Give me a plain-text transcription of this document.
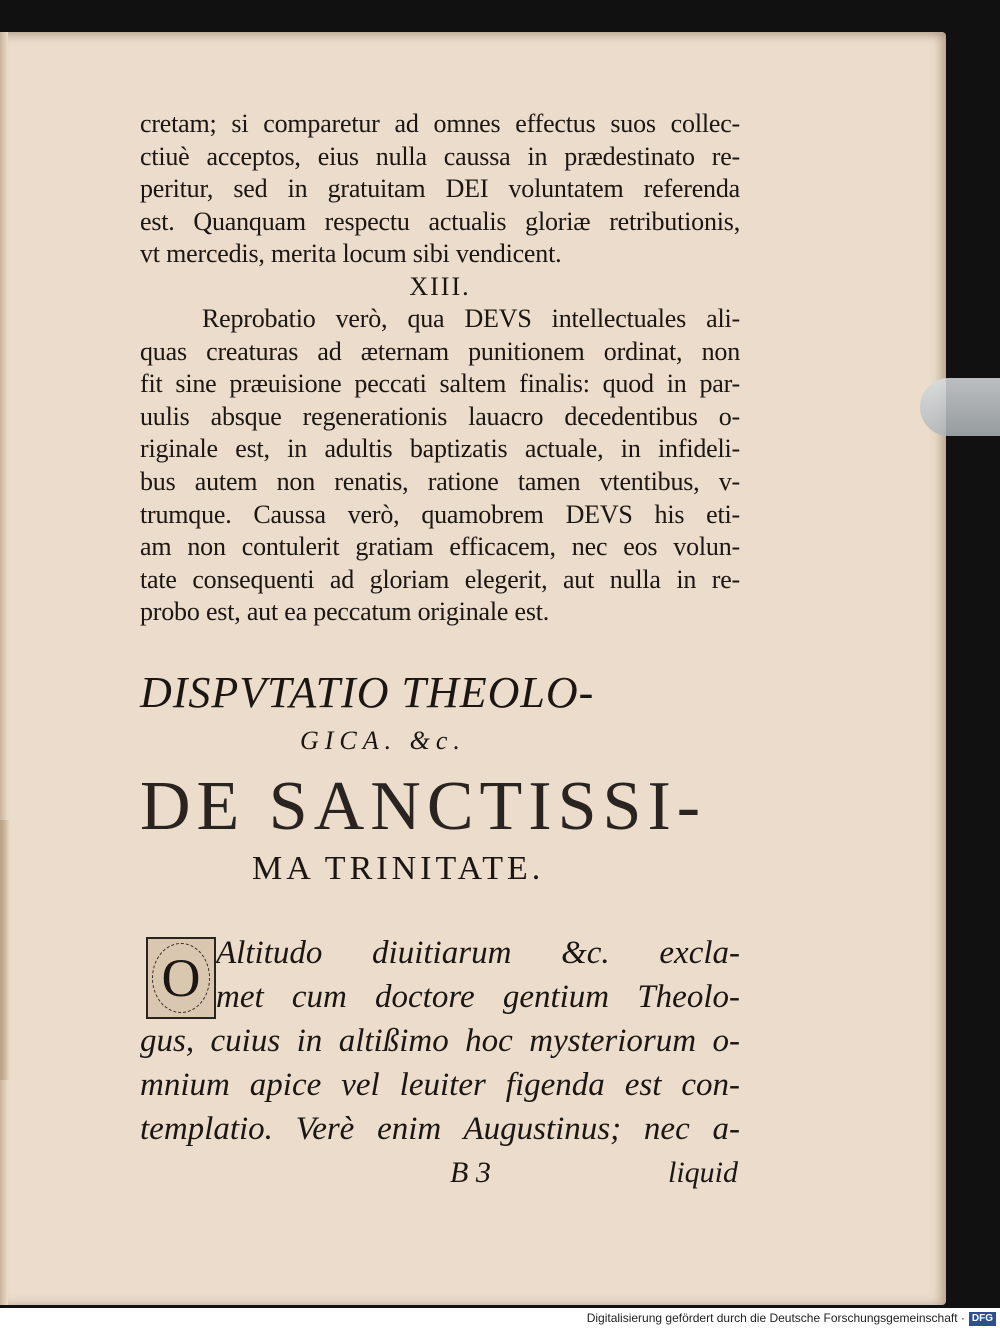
cretam; si comparetur ad omnes effectus suos collec-
ctiuè acceptos, eius nulla caussa in prædestinato re-
peritur, sed in gratuitam DEI voluntatem referenda
est. Quanquam respectu actualis gloriæ retributionis,
vt mercedis, merita locum sibi vendicent.
XIII.
Reprobatio verò, qua DEVS intellectuales ali-
quas creaturas ad æternam punitionem ordinat, non
fit sine præuisione peccati saltem finalis: quod in par-
uulis absque regenerationis lauacro decedentibus o-
riginale est, in adultis baptizatis actuale, in infideli-
bus autem non renatis, ratione tamen vtentibus, v-
trumque. Caussa verò, quamobrem DEVS his eti-
am non contulerit gratiam efficacem, nec eos volun-
tate consequenti ad gloriam elegerit, aut nulla in re-
probo est, aut ea peccatum originale est.
DISPVTATIO THEOLO-
GICA. &c.
DE SANCTISSI-
MA TRINITATE.
O Altitudo diuitiarum &c. excla-
met cum doctore gentium Theolo-
gus, cuius in altißimo hoc mysteriorum o-
mnium apice vel leuiter figenda est con-
templatio. Verè enim Augustinus; nec a-
B 3	liquid
Digitalisierung gefördert durch die Deutsche Forschungsgemeinschaft · DFG
